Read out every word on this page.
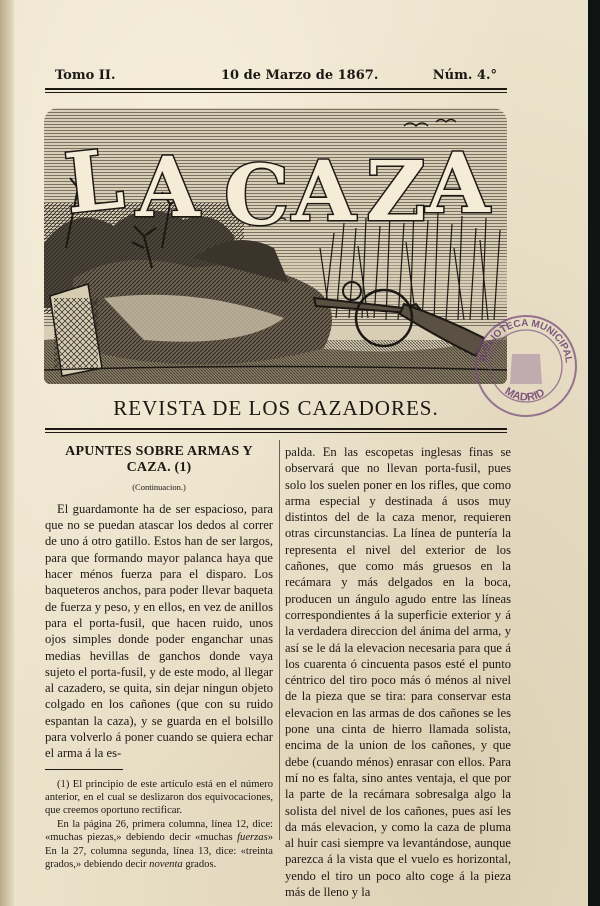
Tomo II.	10 de Marzo de 1867.	Núm. 4.°
L A C A Z A
LA CAZA
BIBLIOTECA MUNICIPAL
MADRID
REVISTA DE LOS CAZADORES.
APUNTES SOBRE ARMAS Y CAZA. (1)
(Continuacion.)

El guardamonte ha de ser espacioso, para que no se puedan atascar los dedos al correr de uno á otro gatillo. Estos han de ser largos, para que formando mayor palanca haya que hacer ménos fuerza para el disparo. Los baqueteros anchos, para poder llevar baqueta de fuerza y peso, y en ellos, en vez de anillos para el porta-fusil, que hacen ruido, unos ojos simples donde poder enganchar unas medias hevillas de ganchos donde vaya sujeto el porta-fusil, y de este modo, al llegar al cazadero, se quita, sin dejar ningun objeto colgado en los cañones (que con su ruido espantan la caza), y se guarda en el bolsillo para volverlo á poner cuando se quiera echar el arma á la es-

(1) El principio de este artículo está en el número anterior, en el cual se deslizaron dos equivocaciones, que creemos oportuno rectificar.

En la página 26, primera columna, línea 12, dice: «muchas piezas,» debiendo decir «muchas fuerzas» En la 27, columna segunda, línea 13, dice: «treinta grados,» debiendo decir noventa grados.

palda. En las escopetas inglesas finas se observará que no llevan porta-fusil, pues solo los suelen poner en los rifles, que como arma especial y destinada á usos muy distintos del de la caza menor, requieren otras circunstancias. La línea de puntería la representa el nivel del exterior de los cañones, que como más gruesos en la recámara y más delgados en la boca, producen un ángulo agudo entre las líneas correspondientes á la superficie exterior y á la verdadera direccion del ánima del arma, y así se le dá la elevacion necesaria para que á los cuarenta ó cincuenta pasos esté el punto céntrico del tiro poco más ó ménos al nivel de la pieza que se tira: para conservar esta elevacion en las armas de dos cañones se les pone una cinta de hierro llamada solista, encima de la union de los cañones, y que debe (cuando ménos) enrasar con ellos. Para mí no es falta, sino antes ventaja, el que por la parte de la recámara sobresalga algo la solista del nivel de los cañones, pues así les da más elevacion, y como la caza de pluma al huir casi siempre va levantándose, aunque parezca á la vista que el vuelo es horizontal, yendo el tiro un poco alto coge á la pieza más de lleno y la
